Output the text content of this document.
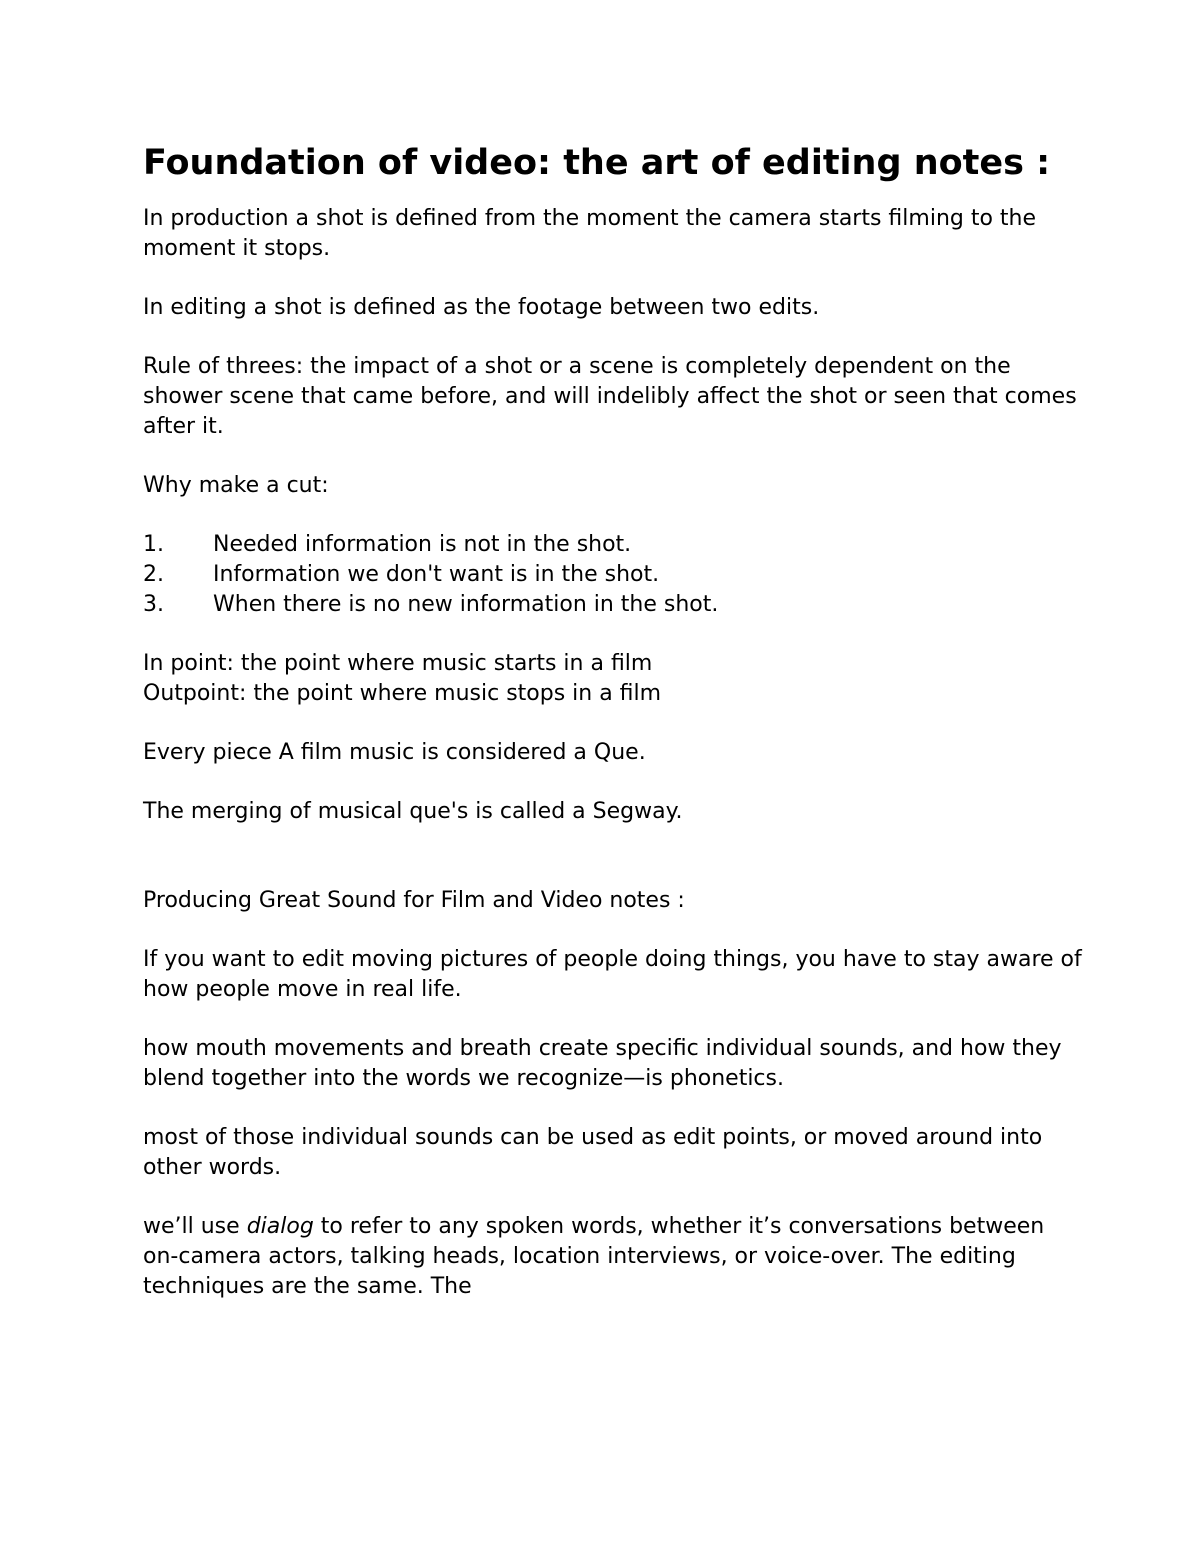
Foundation of video: the art of editing notes :

In production a shot is defined from the moment the camera starts filming to the moment it stops.

In editing a shot is defined as the footage between two edits.

Rule of threes: the impact of a shot or a scene is completely dependent on the shower scene that came before, and will indelibly affect the shot or seen that comes after it.

Why make a cut:

1.	Needed information is not in the shot.
2.	Information we don't want is in the shot.
3.	When there is no new information in the shot.

In point: the point where music starts in a film

Outpoint: the point where music stops in a film

Every piece A film music is considered a Que.

The merging of musical que's is called a Segway.

Producing Great Sound for Film and Video notes :

If you want to edit moving pictures of people doing things, you have to stay aware of how people move in real life.

how mouth movements and breath create specific individual sounds, and how they blend together into the words we recognize—is phonetics.

most of those individual sounds can be used as edit points, or moved around into other words.

we’ll use dialog to refer to any spoken words, whether it’s conversations between on-camera actors, talking heads, location interviews, or voice-over. The editing techniques are the same. The
